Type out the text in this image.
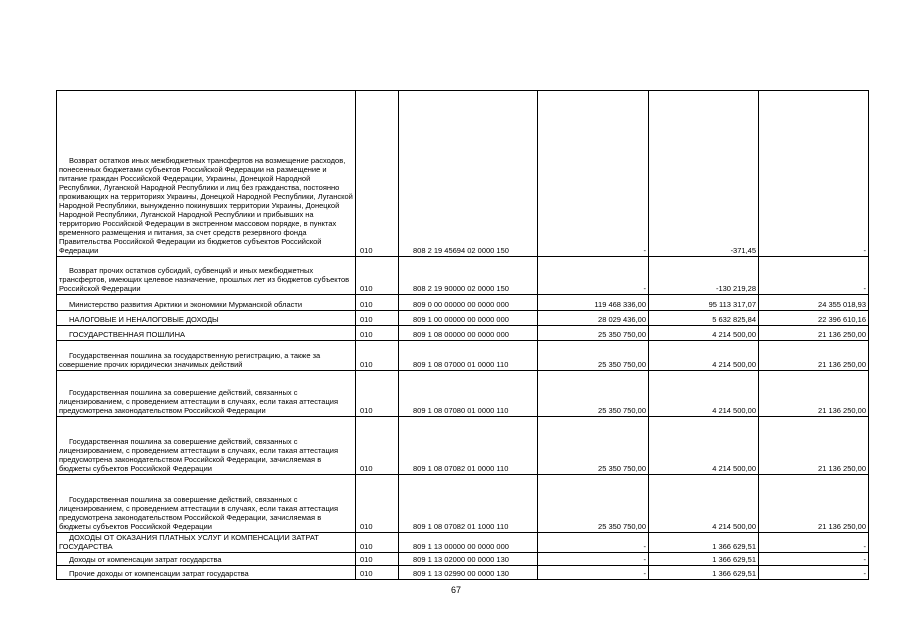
Возврат остатков иных межбюджетных трансфертов на возмещение расходов, понесенных бюджетами субъектов Российской Федерации на размещение и питание граждан Российской Федерации, Украины, Донецкой Народной Республики, Луганской Народной Республики и лиц без гражданства, постоянно проживающих на территориях Украины, Донецкой Народной Республики, Луганской Народной Республики, вынужденно покинувших территории Украины, Донецкой Народной Республики, Луганской Народной Республики и прибывших на территорию Российской Федерации в экстренном массовом порядке, в пунктах временного размещения и питания, за счет средств резервного фонда Правительства Российской Федерации из бюджетов субъектов Российской Федерации	010	808 2 19 45694 02 0000 150	-	-371,45	-
Возврат прочих остатков субсидий, субвенций и иных межбюджетных трансфертов, имеющих целевое назначение, прошлых лет из бюджетов субъектов Российской Федерации	010	808 2 19 90000 02 0000 150	-	-130 219,28	-
Министерство развития Арктики и экономики Мурманской области	010	809 0 00 00000 00 0000 000	119 468 336,00	95 113 317,07	24 355 018,93
НАЛОГОВЫЕ И НЕНАЛОГОВЫЕ ДОХОДЫ	010	809 1 00 00000 00 0000 000	28 029 436,00	5 632 825,84	22 396 610,16
ГОСУДАРСТВЕННАЯ ПОШЛИНА	010	809 1 08 00000 00 0000 000	25 350 750,00	4 214 500,00	21 136 250,00
Государственная пошлина за государственную регистрацию, а также за совершение прочих юридически значимых действий	010	809 1 08 07000 01 0000 110	25 350 750,00	4 214 500,00	21 136 250,00
Государственная пошлина за совершение действий, связанных с лицензированием, с проведением аттестации в случаях, если такая аттестация предусмотрена законодательством Российской Федерации	010	809 1 08 07080 01 0000 110	25 350 750,00	4 214 500,00	21 136 250,00
Государственная пошлина за совершение действий, связанных с лицензированием, с проведением аттестации в случаях, если такая аттестация предусмотрена законодательством Российской Федерации, зачисляемая в бюджеты субъектов Российской Федерации	010	809 1 08 07082 01 0000 110	25 350 750,00	4 214 500,00	21 136 250,00
Государственная пошлина за совершение действий, связанных с лицензированием, с проведением аттестации в случаях, если такая аттестация предусмотрена законодательством Российской Федерации, зачисляемая в бюджеты субъектов Российской Федерации	010	809 1 08 07082 01 1000 110	25 350 750,00	4 214 500,00	21 136 250,00
ДОХОДЫ ОТ ОКАЗАНИЯ ПЛАТНЫХ УСЛУГ И КОМПЕНСАЦИИ ЗАТРАТ ГОСУДАРСТВА	010	809 1 13 00000 00 0000 000	-	1 366 629,51	-
Доходы от компенсации затрат государства	010	809 1 13 02000 00 0000 130	-	1 366 629,51	-
Прочие доходы от компенсации затрат государства	010	809 1 13 02990 00 0000 130	-	1 366 629,51	-
67
